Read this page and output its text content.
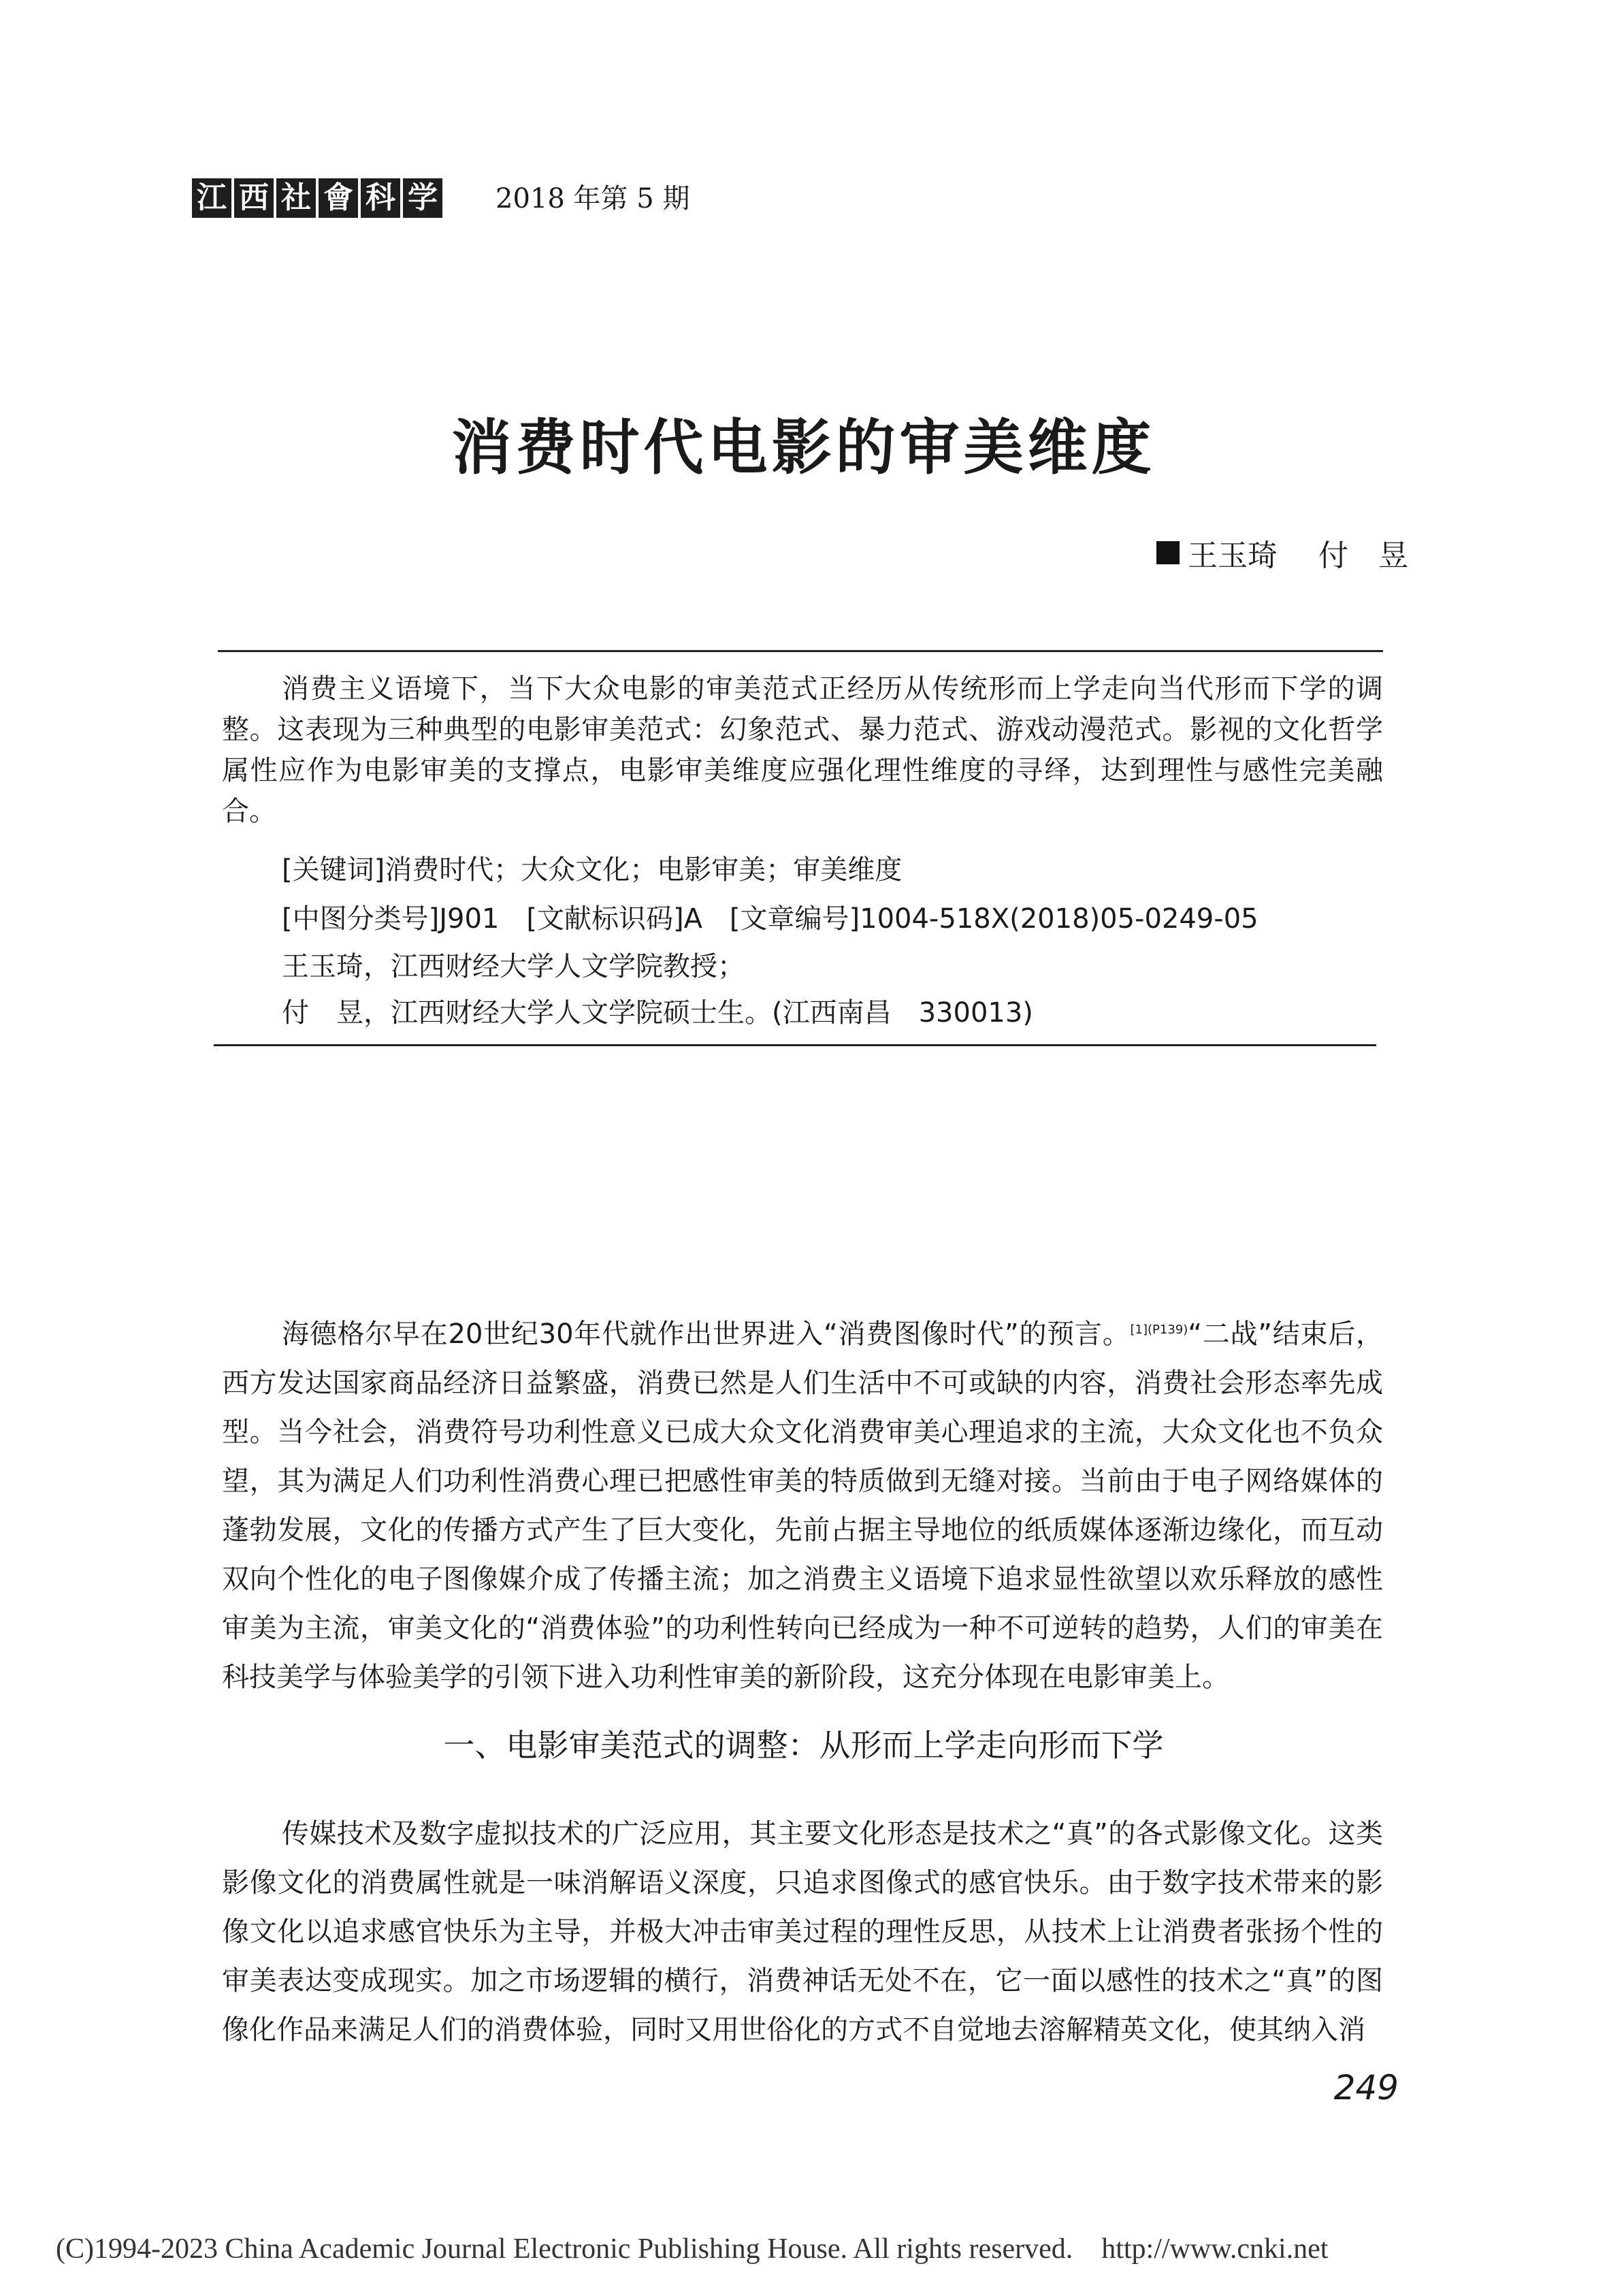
江 西 社 會 科 学 2018 年第 5 期
消费时代电影的审美维度
王玉琦 付　昱
消费主义语境下，当下大众电影的审美范式正经历从传统形而上学走向当代形而下学的调整。这表现为三种典型的电影审美范式：幻象范式、暴力范式、游戏动漫范式。影视的文化哲学属性应作为电影审美的支撑点，电影审美维度应强化理性维度的寻绎，达到理性与感性完美融合。
[关键词]消费时代；大众文化；电影审美；审美维度
[中图分类号]J901　[文献标识码]A　[文章编号]1004-518X(2018)05-0249-05
王玉琦，江西财经大学人文学院教授；
付　昱，江西财经大学人文学院硕士生。(江西南昌　330013)
海德格尔早在20世纪30年代就作出世界进入“消费图像时代”的预言。$^{[1](P139)}$“二战”结束后，西方发达国家商品经济日益繁盛，消费已然是人们生活中不可或缺的内容，消费社会形态率先成型。当今社会，消费符号功利性意义已成大众文化消费审美心理追求的主流，大众文化也不负众望，其为满足人们功利性消费心理已把感性审美的特质做到无缝对接。当前由于电子网络媒体的蓬勃发展，文化的传播方式产生了巨大变化，先前占据主导地位的纸质媒体逐渐边缘化，而互动双向个性化的电子图像媒介成了传播主流；加之消费主义语境下追求显性欲望以欢乐释放的感性审美为主流，审美文化的“消费体验”的功利性转向已经成为一种不可逆转的趋势，人们的审美在科技美学与体验美学的引领下进入功利性审美的新阶段，这充分体现在电影审美上。
一、电影审美范式的调整：从形而上学走向形而下学
传媒技术及数字虚拟技术的广泛应用，其主要文化形态是技术之“真”的各式影像文化。这类影像文化的消费属性就是一味消解语义深度，只追求图像式的感官快乐。由于数字技术带来的影像文化以追求感官快乐为主导，并极大冲击审美过程的理性反思，从技术上让消费者张扬个性的审美表达变成现实。加之市场逻辑的横行，消费神话无处不在，它一面以感性的技术之“真”的图像化作品来满足人们的消费体验，同时又用世俗化的方式不自觉地去溶解精英文化，使其纳入消
249
(C)1994-2023 China Academic Journal Electronic Publishing House. All rights reserved.    http://www.cnki.net
